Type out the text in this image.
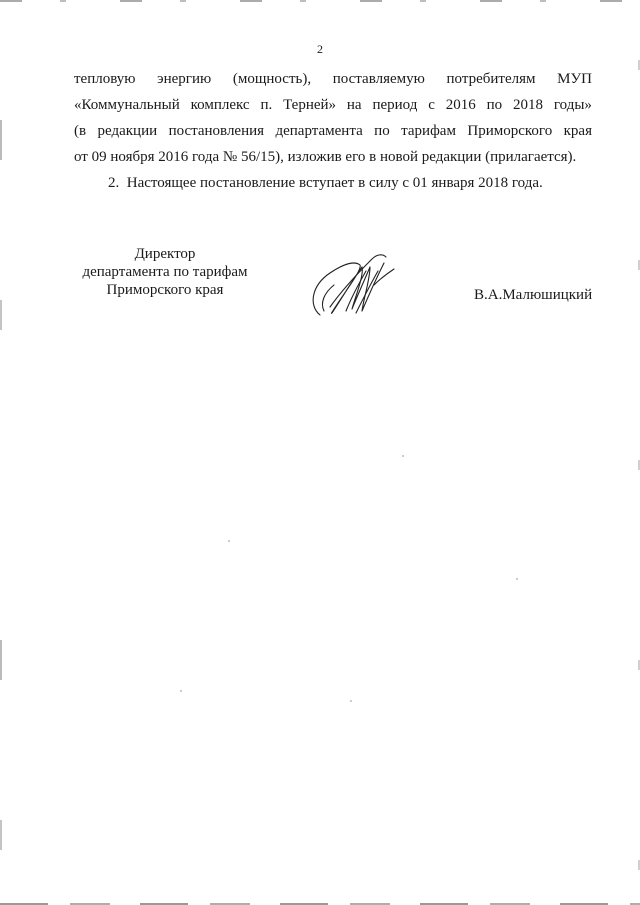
2
тепловую энергию (мощность), поставляемую потребителям МУП
«Коммунальный комплекс п. Терней» на период с 2016 по 2018 годы»
(в редакции постановления департамента по тарифам Приморского края
от 09 ноября 2016 года № 56/15), изложив его в новой редакции (прилагается).
2. Настоящее постановление вступает в силу с 01 января 2018 года.
Директор
департамента по тарифам
Приморского края	В.А.Малюшицкий
